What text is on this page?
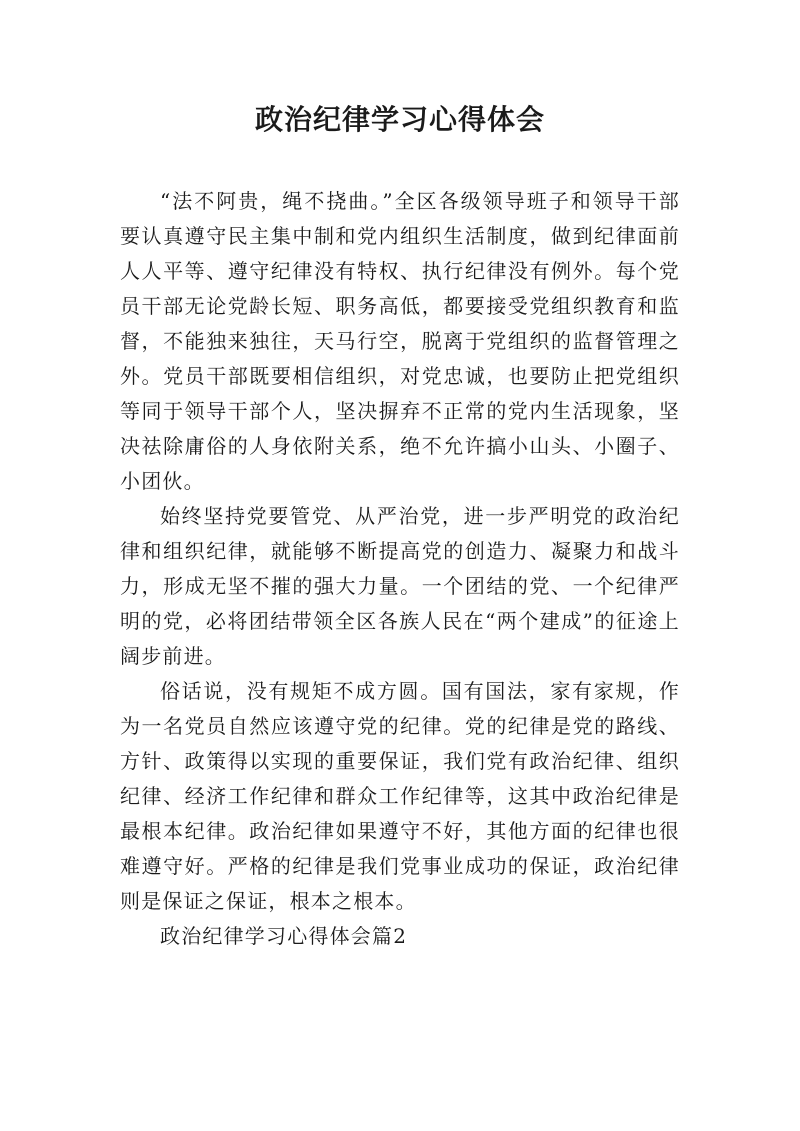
政治纪律学习心得体会

“法不阿贵，绳不挠曲。”全区各级领导班子和领导干部要认真遵守民主集中制和党内组织生活制度，做到纪律面前人人平等、遵守纪律没有特权、执行纪律没有例外。每个党员干部无论党龄长短、职务高低，都要接受党组织教育和监督，不能独来独往，天马行空，脱离于党组织的监督管理之外。党员干部既要相信组织，对党忠诚，也要防止把党组织等同于领导干部个人，坚决摒弃不正常的党内生活现象，坚决祛除庸俗的人身依附关系，绝不允许搞小山头、小圈子、小团伙。

始终坚持党要管党、从严治党，进一步严明党的政治纪律和组织纪律，就能够不断提高党的创造力、凝聚力和战斗力，形成无坚不摧的强大力量。一个团结的党、一个纪律严明的党，必将团结带领全区各族人民在“两个建成”的征途上阔步前进。

俗话说，没有规矩不成方圆。国有国法，家有家规，作为一名党员自然应该遵守党的纪律。党的纪律是党的路线、方针、政策得以实现的重要保证，我们党有政治纪律、组织纪律、经济工作纪律和群众工作纪律等，这其中政治纪律是最根本纪律。政治纪律如果遵守不好，其他方面的纪律也很难遵守好。严格的纪律是我们党事业成功的保证，政治纪律则是保证之保证，根本之根本。

政治纪律学习心得体会篇2
